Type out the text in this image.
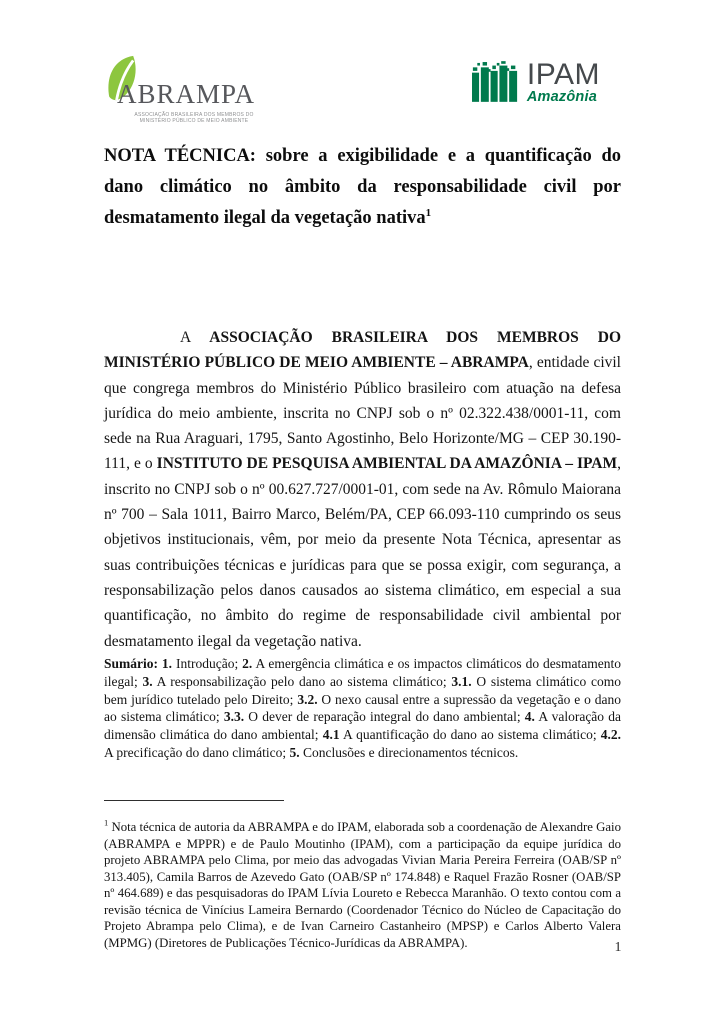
ABRAMPA
ASSOCIAÇÃO BRASILEIRA DOS MEMBROS DO
MINISTÉRIO PÚBLICO DE MEIO AMBIENTE
IPAM
Amazônia
NOTA TÉCNICA: sobre a exigibilidade e a quantificação do dano climático no âmbito da responsabilidade civil por desmatamento ilegal da vegetação nativa$^1$

A ASSOCIAÇÃO BRASILEIRA DOS MEMBROS DO MINISTÉRIO PÚBLICO DE MEIO AMBIENTE – ABRAMPA, entidade civil que congrega membros do Ministério Público brasileiro com atuação na defesa jurídica do meio ambiente, inscrita no CNPJ sob o nº 02.322.438/0001-11, com sede na Rua Araguari, 1795, Santo Agostinho, Belo Horizonte/MG – CEP 30.190-111, e o INSTITUTO DE PESQUISA AMBIENTAL DA AMAZÔNIA – IPAM, inscrito no CNPJ sob o nº 00.627.727/0001-01, com sede na Av. Rômulo Maiorana nº 700 – Sala 1011, Bairro Marco, Belém/PA, CEP 66.093-110 cumprindo os seus objetivos institucionais, vêm, por meio da presente Nota Técnica, apresentar as suas contribuições técnicas e jurídicas para que se possa exigir, com segurança, a responsabilização pelos danos causados ao sistema climático, em especial a sua quantificação, no âmbito do regime de responsabilidade civil ambiental por desmatamento ilegal da vegetação nativa.

Sumário: 1. Introdução; 2. A emergência climática e os impactos climáticos do desmatamento ilegal; 3. A responsabilização pelo dano ao sistema climático; 3.1. O sistema climático como bem jurídico tutelado pelo Direito; 3.2. O nexo causal entre a supressão da vegetação e o dano ao sistema climático; 3.3. O dever de reparação integral do dano ambiental; 4. A valoração da dimensão climática do dano ambiental; 4.1 A quantificação do dano ao sistema climático; 4.2. A precificação do dano climático; 5. Conclusões e direcionamentos técnicos.

$^1$ Nota técnica de autoria da ABRAMPA e do IPAM, elaborada sob a coordenação de Alexandre Gaio (ABRAMPA e MPPR) e de Paulo Moutinho (IPAM), com a participação da equipe jurídica do projeto ABRAMPA pelo Clima, por meio das advogadas Vivian Maria Pereira Ferreira (OAB/SP nº 313.405), Camila Barros de Azevedo Gato (OAB/SP nº 174.848) e Raquel Frazão Rosner (OAB/SP nº 464.689) e das pesquisadoras do IPAM Lívia Loureto e Rebecca Maranhão. O texto contou com a revisão técnica de Vinícius Lameira Bernardo (Coordenador Técnico do Núcleo de Capacitação do Projeto Abrampa pelo Clima), e de Ivan Carneiro Castanheiro (MPSP) e Carlos Alberto Valera (MPMG) (Diretores de Publicações Técnico-Jurídicas da ABRAMPA).	1
